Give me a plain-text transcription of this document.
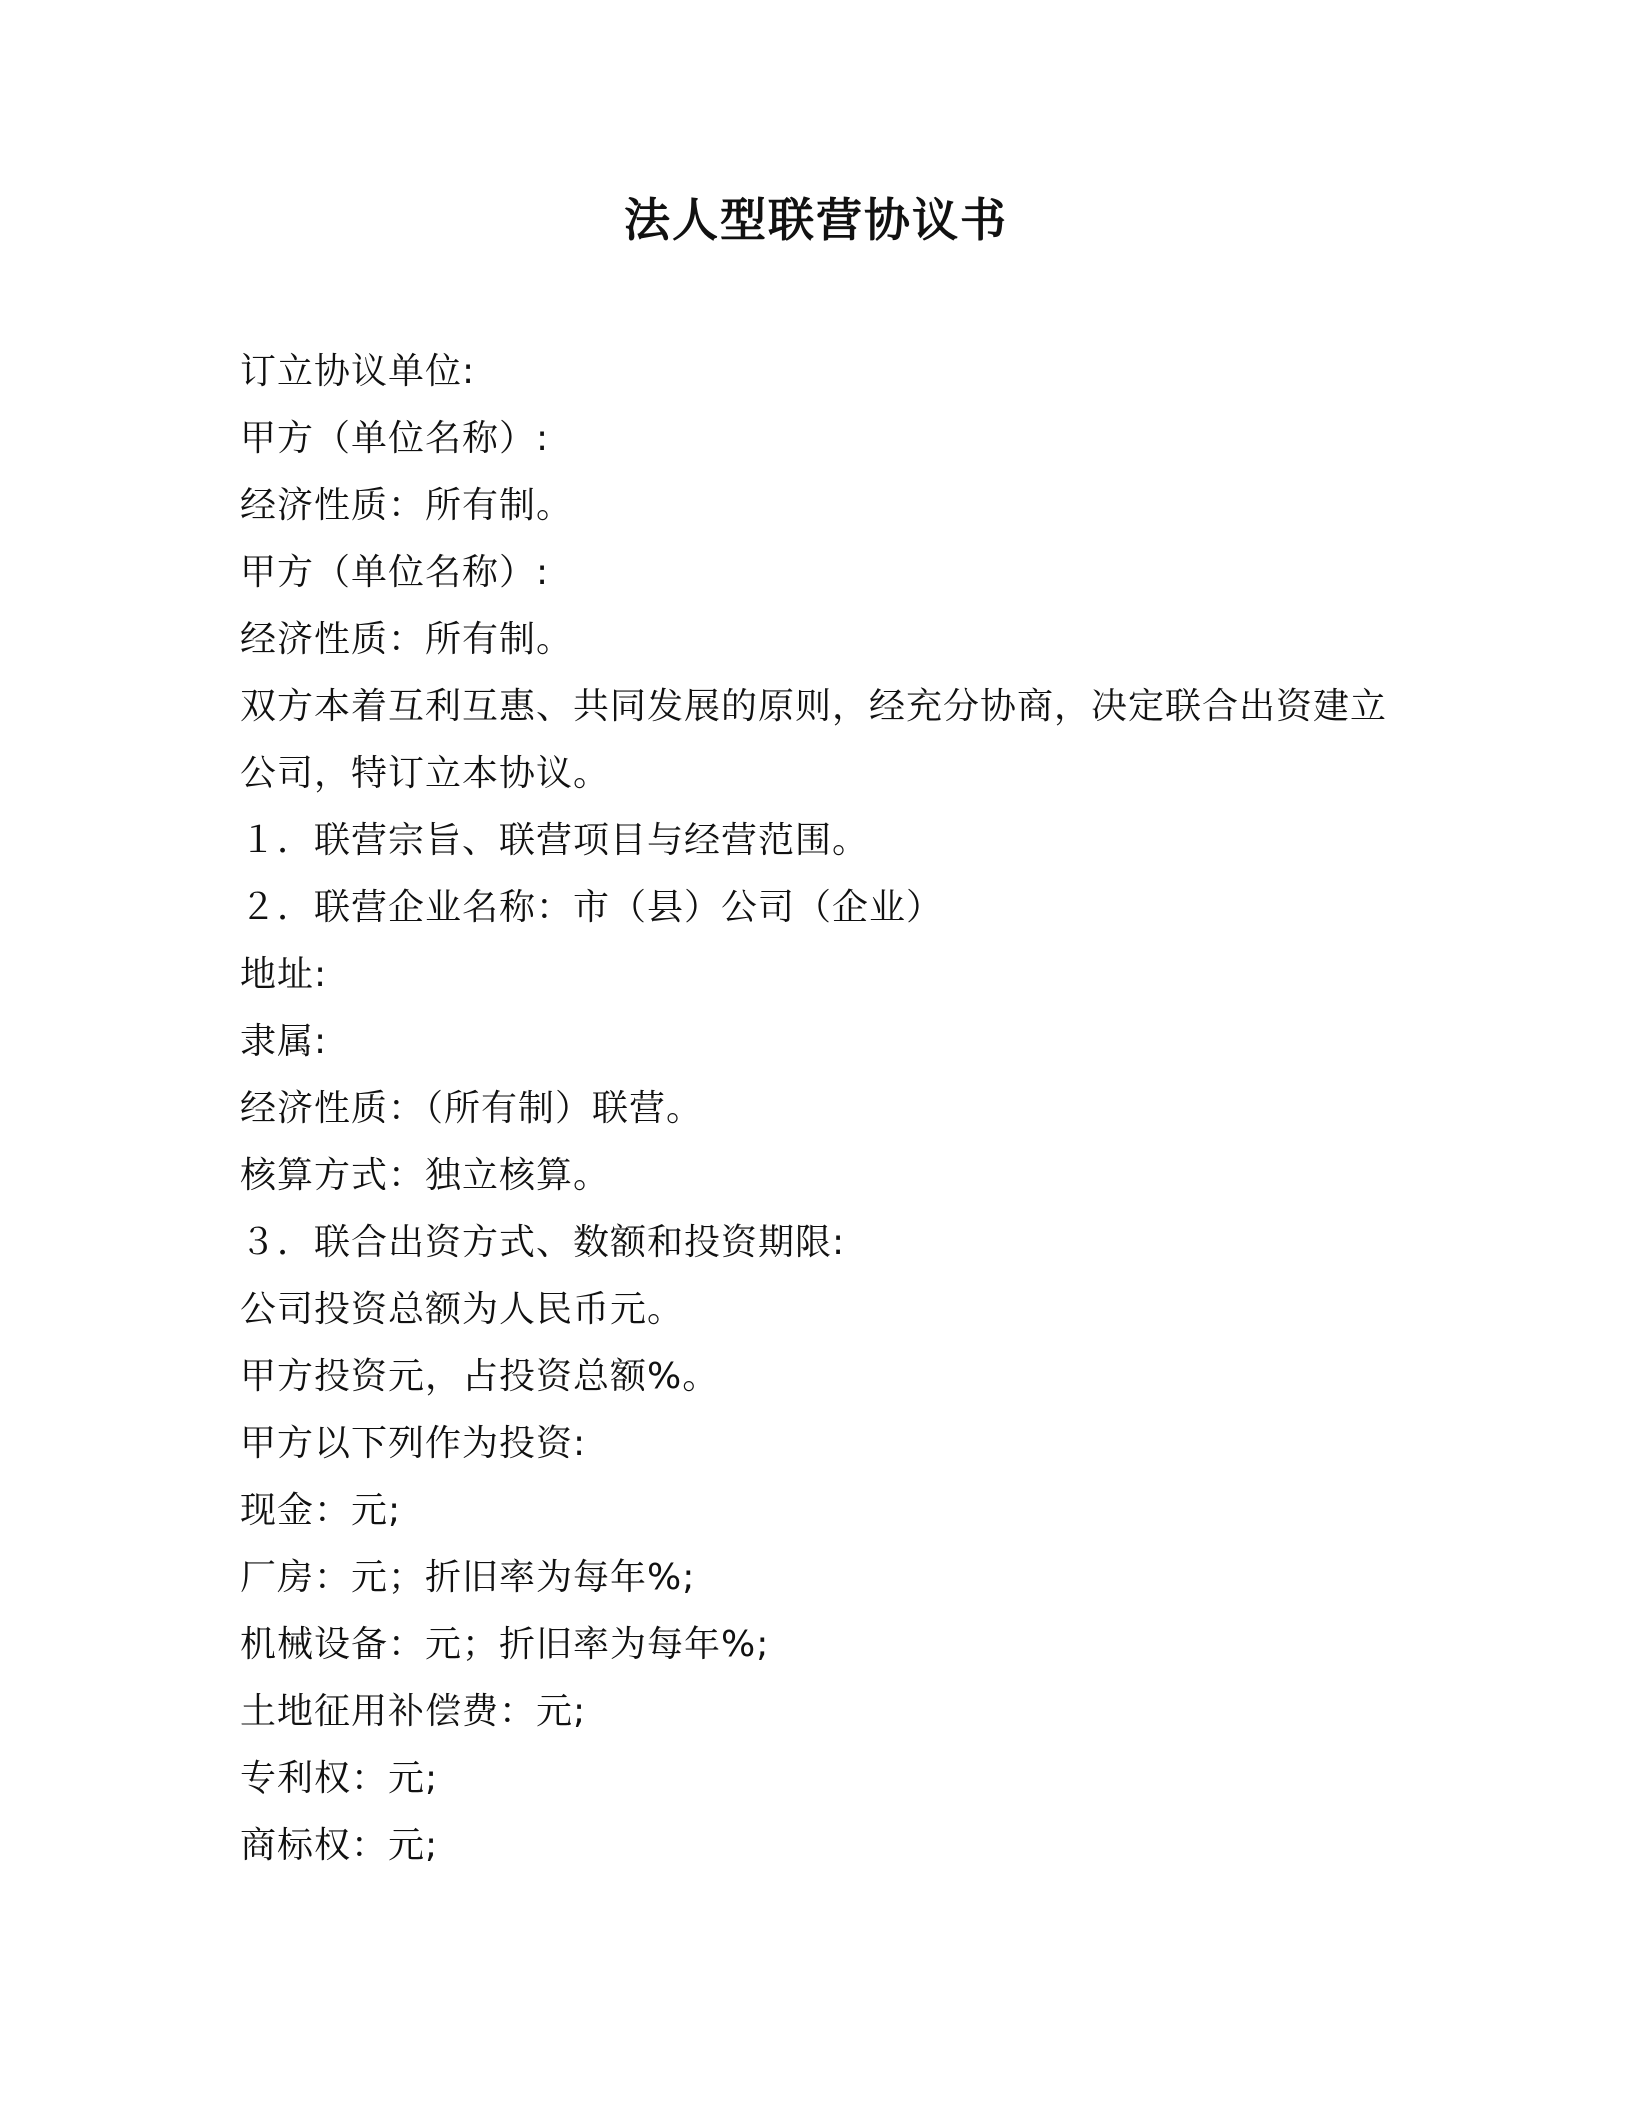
法人型联营协议书
订立协议单位:
甲方（单位名称）:
经济性质：所有制。
甲方（单位名称）:
经济性质：所有制。
双方本着互利互惠、共同发展的原则，经充分协商，决定联合出资建立
公司，特订立本协议。
１．联营宗旨、联营项目与经营范围。
２．联营企业名称：市（县）公司（企业）
地址:
隶属:
经济性质：（所有制）联营。
核算方式：独立核算。
３．联合出资方式、数额和投资期限:
公司投资总额为人民币元。
甲方投资元，占投资总额%。
甲方以下列作为投资:
现金：元;
厂房：元；折旧率为每年%;
机械设备：元；折旧率为每年%;
土地征用补偿费：元;
专利权：元;
商标权：元;
